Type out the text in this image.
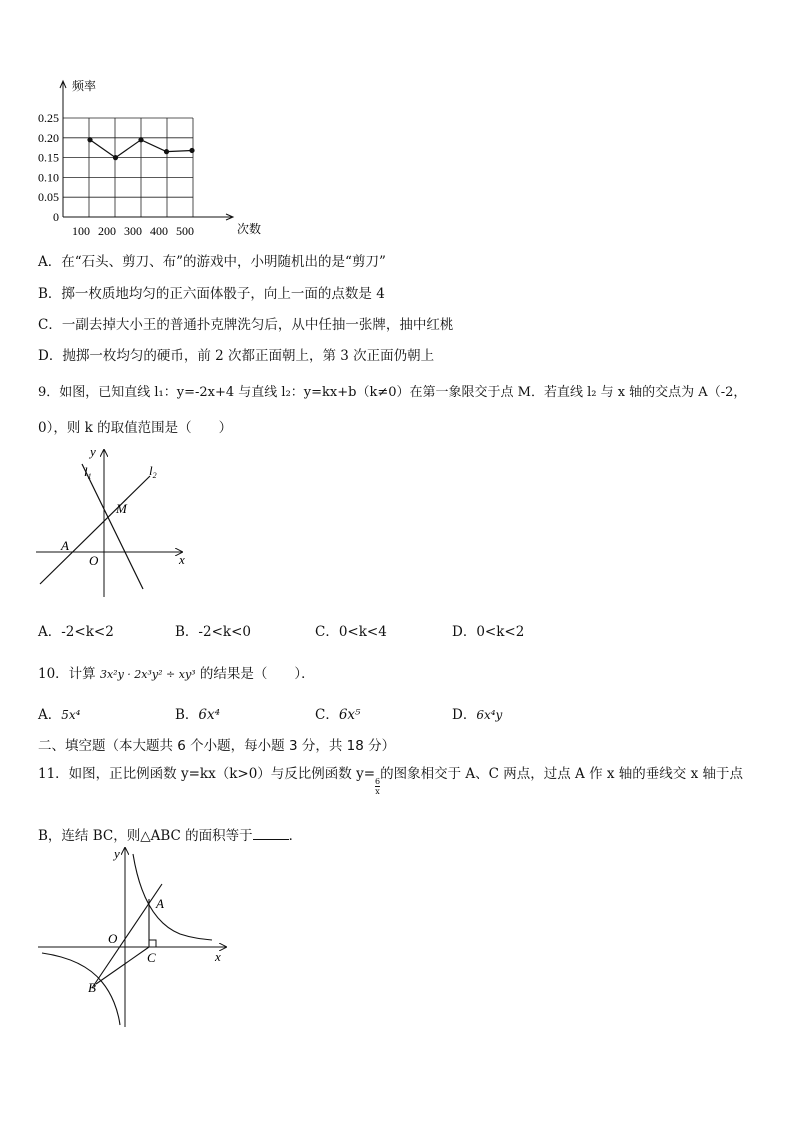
0.25
0.20
0.15
0.10
0.05
0
100 200 300 400 500
频率
次数
A．在“石头、剪刀、布”的游戏中，小明随机出的是“剪刀”
B．掷一枚质地均匀的正六面体骰子，向上一面的点数是 4
C．一副去掉大小王的普通扑克牌洗匀后，从中任抽一张牌，抽中红桃
D．抛掷一枚均匀的硬币，前 2 次都正面朝上，第 3 次正面仍朝上
9．如图，已知直线 l₁：y=-2x+4 与直线 l₂：y=kx+b（k≠0）在第一象限交于点 M．若直线 l₂ 与 x 轴的交点为 A（-2，
0），则 k 的取值范围是（　　）
y
x
$l_1$	$l_2$
M
A
O
A．-2<k<2	B．-2<k<0	C．0<k<4	D．0<k<2
10．计算 3x²y · 2x³y² ÷ xy³ 的结果是（　　）．
A．5x⁴	B．6x⁴	C．6x⁵	D．6x⁴y
二、填空题（本大题共 6 个小题，每小题 3 分，共 18 分）
11．如图，正比例函数 y=kx（k>0）与反比例函数 y=
$\frac{6}{x}$
的图象相交于 A、C 两点，过点 A 作 x 轴的垂线交 x 轴于点
B，连结 BC，则△ABC 的面积等于	．
y
x
O
A
B
C
